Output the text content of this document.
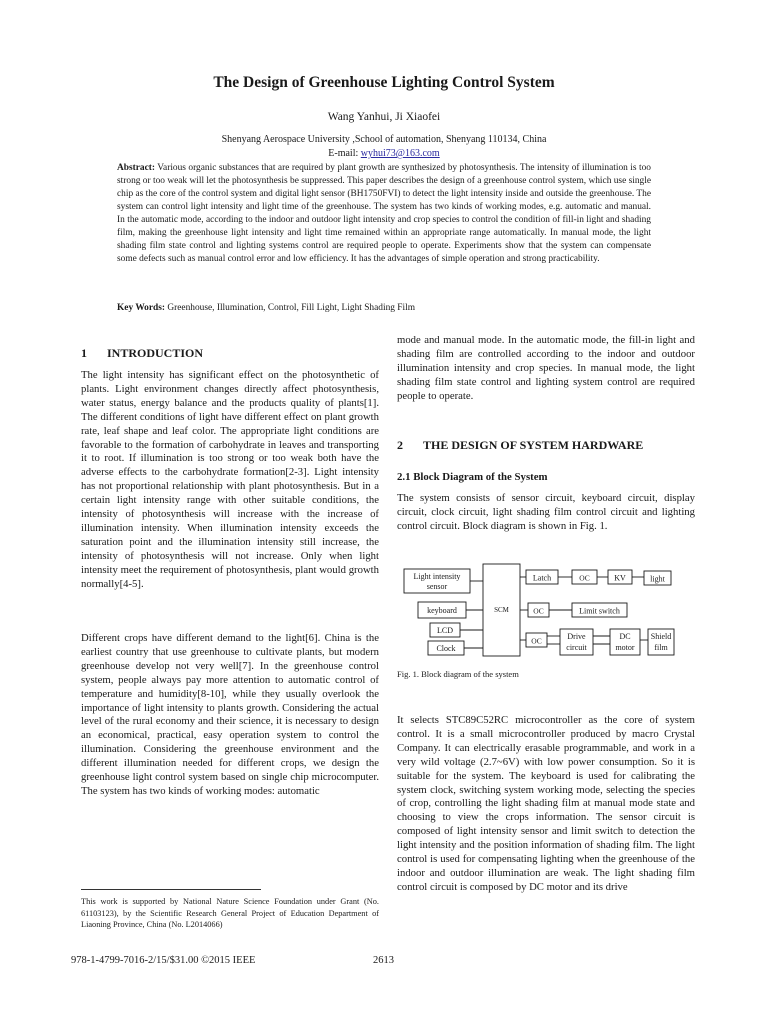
The Design of Greenhouse Lighting Control System
Wang Yanhui, Ji Xiaofei
Shenyang Aerospace University ,School of automation, Shenyang 110134, China
E-mail: wyhui73@163.com
Abstract: Various organic substances that are required by plant growth are synthesized by photosynthesis. The intensity of illumination is too strong or too weak will let the photosynthesis be suppressed. This paper describes the design of a greenhouse control system, which use single chip as the core of the control system and digital light sensor (BH1750FVI) to detect the light intensity inside and outside the greenhouse. The system can control light intensity and light time of the greenhouse. The system has two kinds of working modes, e.g. automatic and manual. In the automatic mode, according to the indoor and outdoor light intensity and crop species to control the condition of fill-in light and shading film, making the greenhouse light intensity and light time remained within an appropriate range automatically. In manual mode, the light shading film state control and lighting systems control are required people to operate. Experiments show that the system can compensate some defects such as manual control error and low efficiency. It has the advantages of simple operation and strong practicability.
Key Words: Greenhouse, Illumination, Control, Fill Light, Light Shading Film
1 INTRODUCTION

The light intensity has significant effect on the photosynthetic of plants. Light environment changes directly affect photosynthesis, water status, energy balance and the products quality of plants[1]. The different conditions of light have different effect on plant growth rate, leaf shape and leaf color. The appropriate light conditions are favorable to the formation of carbohydrate in leaves and transporting it to root. If illumination is too strong or too weak both have the adverse effects to the carbohydrate formation[2-3]. Light intensity has not proportional relationship with plant photosynthesis. But in a certain light intensity range with other suitable conditions, the intensity of photosynthesis will increase with the increase of illumination intensity. When illumination intensity exceeds the saturation point and the illumination intensity still increase, the intensity of photosynthesis will not increase. Only when light intensity meet the requirement of photosynthesis, plant would growth normally[4-5].

Different crops have different demand to the light[6]. China is the earliest country that use greenhouse to cultivate plants, but modern greenhouse develop not very well[7]. In the greenhouse control system, people always pay more attention to automatic control of temperature and humidity[8-10], while they usually overlook the importance of light intensity to plants growth. Considering the actual level of the rural economy and their science, it is necessary to design an economical, practical, easy operation system to control the illumination. Considering the greenhouse environment and the different illumination needed for different crops, we design the greenhouse light control system based on single chip microcomputer. The system has two kinds of working modes: automatic

This work is supported by National Nature Science Foundation under Grant (No. 61103123), by the Scientific Research General Project of Education Department of Liaoning Province, China (No. L2014066)

mode and manual mode. In the automatic mode, the fill-in light and shading film are controlled according to the indoor and outdoor illumination intensity and crop species. In manual mode, the light shading film state control and lighting system control are required people to operate.

2 THE DESIGN OF SYSTEM HARDWARE
2.1 Block Diagram of the System

The system consists of sensor circuit, keyboard circuit, display circuit, clock circuit, light shading film control circuit and lighting control circuit. Block diagram is shown in Fig. 1.

SCM
Light intensity
sensor
keyboard
LCD
Clock
Latch	OC	KV	light
OC	Limit switch
OC	Drive
circuit
DC
motor
Shield
film
Fig. 1. Block diagram of the system

It selects STC89C52RC microcontroller as the core of system control. It is a small microcontroller produced by macro Crystal Company. It can electrically erasable programmable, and work in a very wild voltage (2.7~6V) with low power consumption. So it is suitable for the system. The keyboard is used for calibrating the system clock, switching system working mode, selecting the species of crop, controlling the light shading film at manual mode state and choosing to view the crops information. The sensor circuit is composed of light intensity sensor and limit switch to detection the light intensity and the position information of shading film. The light control is used for compensating lighting when the greenhouse of the indoor and outdoor illumination are weak. The light shading film control circuit is composed by DC motor and its drive

978-1-4799-7016-2/15/$31.00 ©2015 IEEE	2613
